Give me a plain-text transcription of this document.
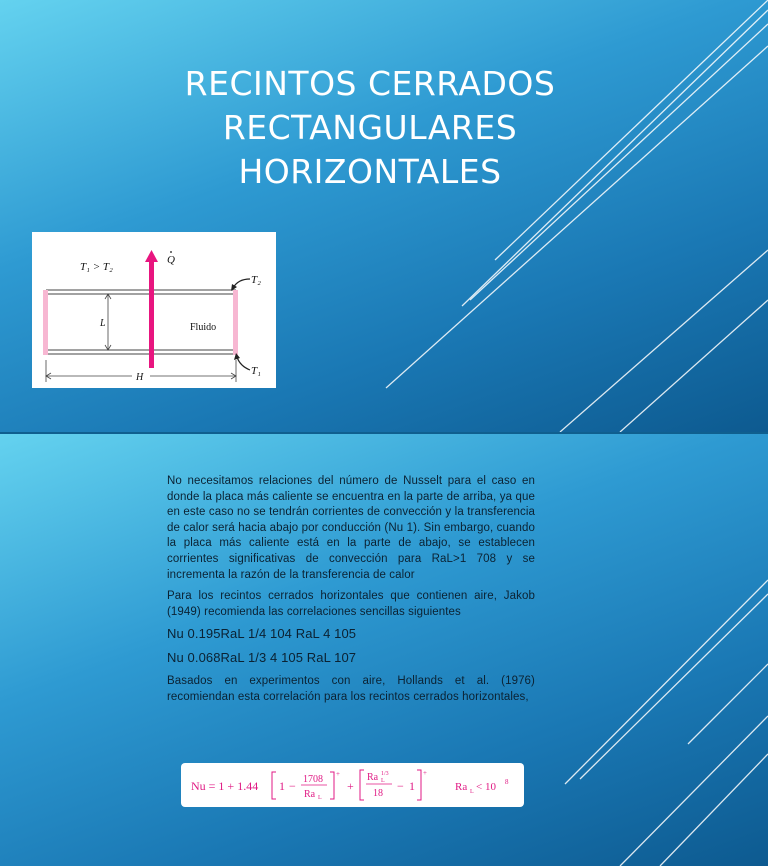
RECINTOS CERRADOS
RECTANGULARES
HORIZONTALES
T₁ > T₂
Q
T₂
T₁
L
H
Fluido

No necesitamos relaciones del número de Nusselt para el caso en donde la placa más caliente se encuentra en la parte de arriba, ya que en este caso no se tendrán corrientes de convección y la transferencia de calor será hacia abajo por conducción (Nu 1). Sin embargo, cuando la placa más caliente está en la parte de abajo, se establecen corrientes significativas de convección para RaL>1 708 y se incrementa la razón de la transferencia de calor

Para los recintos cerrados horizontales que contienen aire, Jakob (1949) recomienda las correlaciones sencillas siguientes

Nu 0.195RaL 1/4 104 RaL 4 105

Nu 0.068RaL 1/3 4 105 RaL 107

Basados en experimentos con aire, Hollands et al. (1976) recomiendan esta correlación para los recintos cerrados horizontales,

Nu = 1 + 1.44 1 − 1708
Ra L
+
+
Ra 1/3
L
18
− 1
+
Ra L < 10 8
